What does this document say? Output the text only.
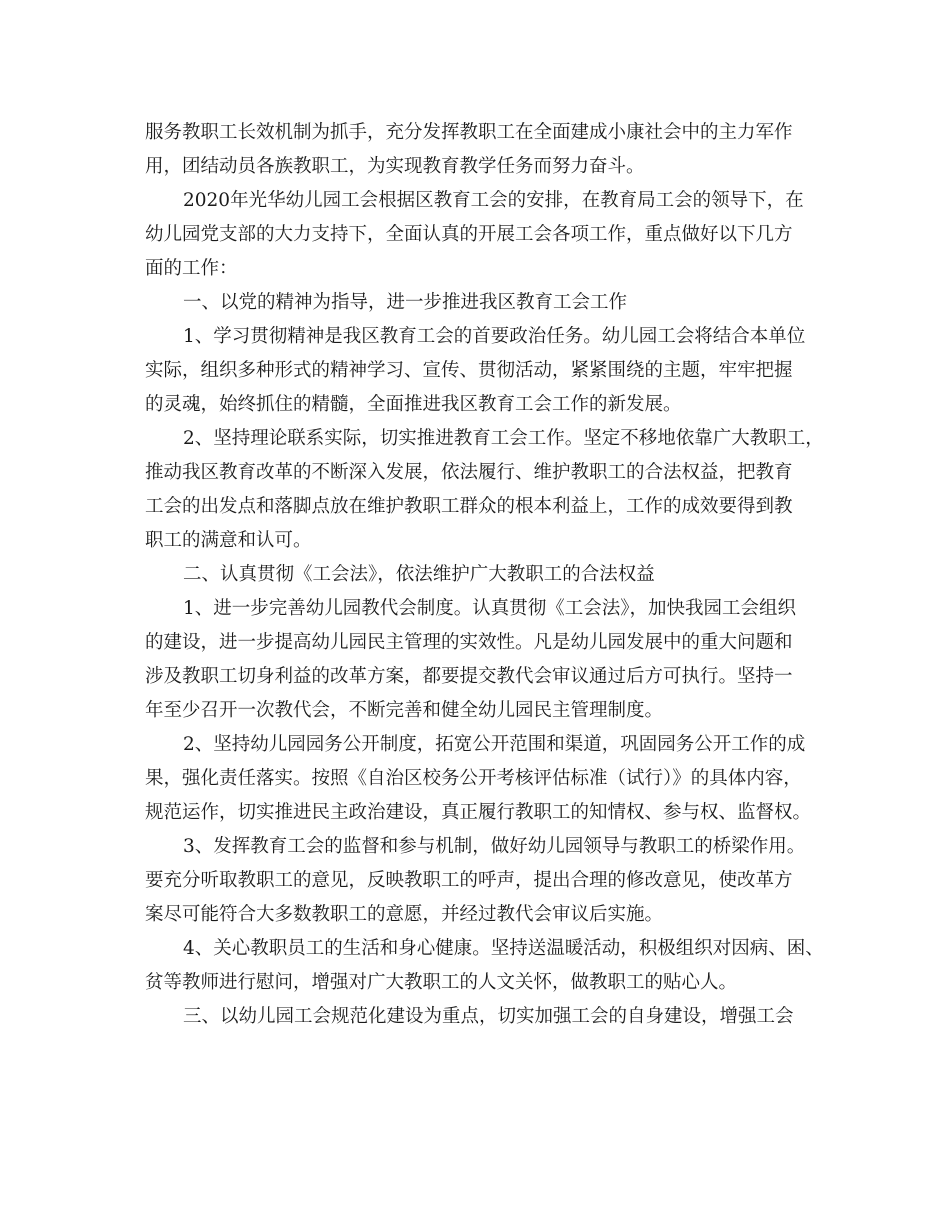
服务教职工长效机制为抓手，充分发挥教职工在全面建成小康社会中的主力军作
用，团结动员各族教职工，为实现教育教学任务而努力奋斗。
2020年光华幼儿园工会根据区教育工会的安排，在教育局工会的领导下，在
幼儿园党支部的大力支持下，全面认真的开展工会各项工作，重点做好以下几方
面的工作：
一、以党的精神为指导，进一步推进我区教育工会工作
1、学习贯彻精神是我区教育工会的首要政治任务。幼儿园工会将结合本单位
实际，组织多种形式的精神学习、宣传、贯彻活动，紧紧围绕的主题，牢牢把握
的灵魂，始终抓住的精髓，全面推进我区教育工会工作的新发展。
2、坚持理论联系实际，切实推进教育工会工作。坚定不移地依靠广大教职工，
推动我区教育改革的不断深入发展，依法履行、维护教职工的合法权益，把教育
工会的出发点和落脚点放在维护教职工群众的根本利益上，工作的成效要得到教
职工的满意和认可。
二、认真贯彻《工会法》，依法维护广大教职工的合法权益
1、进一步完善幼儿园教代会制度。认真贯彻《工会法》，加快我园工会组织
的建设，进一步提高幼儿园民主管理的实效性。凡是幼儿园发展中的重大问题和
涉及教职工切身利益的改革方案，都要提交教代会审议通过后方可执行。坚持一
年至少召开一次教代会，不断完善和健全幼儿园民主管理制度。
2、坚持幼儿园园务公开制度，拓宽公开范围和渠道，巩固园务公开工作的成
果，强化责任落实。按照《自治区校务公开考核评估标准（试行）》的具体内容，
规范运作，切实推进民主政治建设，真正履行教职工的知情权、参与权、监督权。
3、发挥教育工会的监督和参与机制，做好幼儿园领导与教职工的桥梁作用。
要充分听取教职工的意见，反映教职工的呼声，提出合理的修改意见，使改革方
案尽可能符合大多数教职工的意愿，并经过教代会审议后实施。
4、关心教职员工的生活和身心健康。坚持送温暖活动，积极组织对因病、困、
贫等教师进行慰问，增强对广大教职工的人文关怀，做教职工的贴心人。
三、以幼儿园工会规范化建设为重点，切实加强工会的自身建设，增强工会
